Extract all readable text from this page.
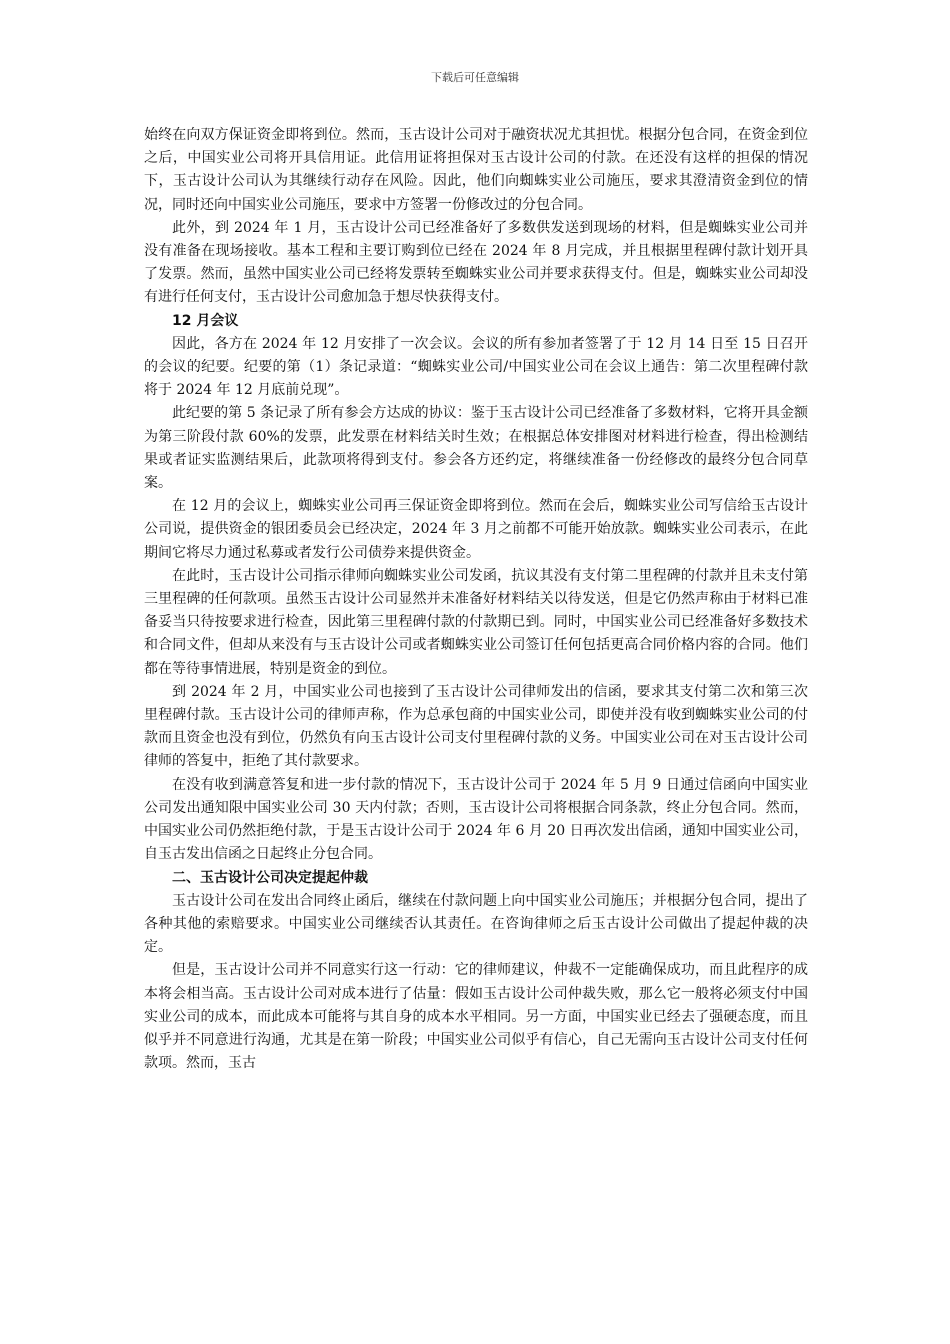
下载后可任意编辑

始终在向双方保证资金即将到位。然而，玉古设计公司对于融资状况尤其担忧。根据分包合同，在资金到位之后，中国实业公司将开具信用证。此信用证将担保对玉古设计公司的付款。在还没有这样的担保的情况下，玉古设计公司认为其继续行动存在风险。因此，他们向蜘蛛实业公司施压，要求其澄清资金到位的情况，同时还向中国实业公司施压，要求中方签署一份修改过的分包合同。

此外，到 2024 年 1 月，玉古设计公司已经准备好了多数供发送到现场的材料，但是蜘蛛实业公司并没有准备在现场接收。基本工程和主要订购到位已经在 2024 年 8 月完成，并且根据里程碑付款计划开具了发票。然而，虽然中国实业公司已经将发票转至蜘蛛实业公司并要求获得支付。但是，蜘蛛实业公司却没有进行任何支付，玉古设计公司愈加急于想尽快获得支付。

12 月会议

因此，各方在 2024 年 12 月安排了一次会议。会议的所有参加者签署了于 12 月 14 日至 15 日召开的会议的纪要。纪要的第（1）条记录道：“蜘蛛实业公司/中国实业公司在会议上通告：第二次里程碑付款将于 2024 年 12 月底前兑现”。

此纪要的第 5 条记录了所有参会方达成的协议：鉴于玉古设计公司已经准备了多数材料，它将开具金额为第三阶段付款 60%的发票，此发票在材料结关时生效；在根据总体安排图对材料进行检查，得出检测结果或者证实监测结果后，此款项将得到支付。参会各方还约定，将继续准备一份经修改的最终分包合同草案。

在 12 月的会议上，蜘蛛实业公司再三保证资金即将到位。然而在会后，蜘蛛实业公司写信给玉古设计公司说，提供资金的银团委员会已经决定，2024 年 3 月之前都不可能开始放款。蜘蛛实业公司表示，在此期间它将尽力通过私募或者发行公司债券来提供资金。

在此时，玉古设计公司指示律师向蜘蛛实业公司发函，抗议其没有支付第二里程碑的付款并且未支付第三里程碑的任何款项。虽然玉古设计公司显然并未准备好材料结关以待发送，但是它仍然声称由于材料已准备妥当只待按要求进行检查，因此第三里程碑付款的付款期已到。同时，中国实业公司已经准备好多数技术和合同文件，但却从来没有与玉古设计公司或者蜘蛛实业公司签订任何包括更高合同价格内容的合同。他们都在等待事情进展，特别是资金的到位。

到 2024 年 2 月，中国实业公司也接到了玉古设计公司律师发出的信函，要求其支付第二次和第三次里程碑付款。玉古设计公司的律师声称，作为总承包商的中国实业公司，即使并没有收到蜘蛛实业公司的付款而且资金也没有到位，仍然负有向玉古设计公司支付里程碑付款的义务。中国实业公司在对玉古设计公司律师的答复中，拒绝了其付款要求。

在没有收到满意答复和进一步付款的情况下，玉古设计公司于 2024 年 5 月 9 日通过信函向中国实业公司发出通知限中国实业公司 30 天内付款；否则，玉古设计公司将根据合同条款，终止分包合同。然而，中国实业公司仍然拒绝付款，于是玉古设计公司于 2024 年 6 月 20 日再次发出信函，通知中国实业公司，自玉古发出信函之日起终止分包合同。

二、玉古设计公司决定提起仲裁

玉古设计公司在发出合同终止函后，继续在付款问题上向中国实业公司施压；并根据分包合同，提出了各种其他的索赔要求。中国实业公司继续否认其责任。在咨询律师之后玉古设计公司做出了提起仲裁的决定。

但是，玉古设计公司并不同意实行这一行动：它的律师建议，仲裁不一定能确保成功，而且此程序的成本将会相当高。玉古设计公司对成本进行了估量：假如玉古设计公司仲裁失败，那么它一般将必须支付中国实业公司的成本，而此成本可能将与其自身的成本水平相同。另一方面，中国实业已经去了强硬态度，而且似乎并不同意进行沟通，尤其是在第一阶段；中国实业公司似乎有信心，自己无需向玉古设计公司支付任何款项。然而，玉古
